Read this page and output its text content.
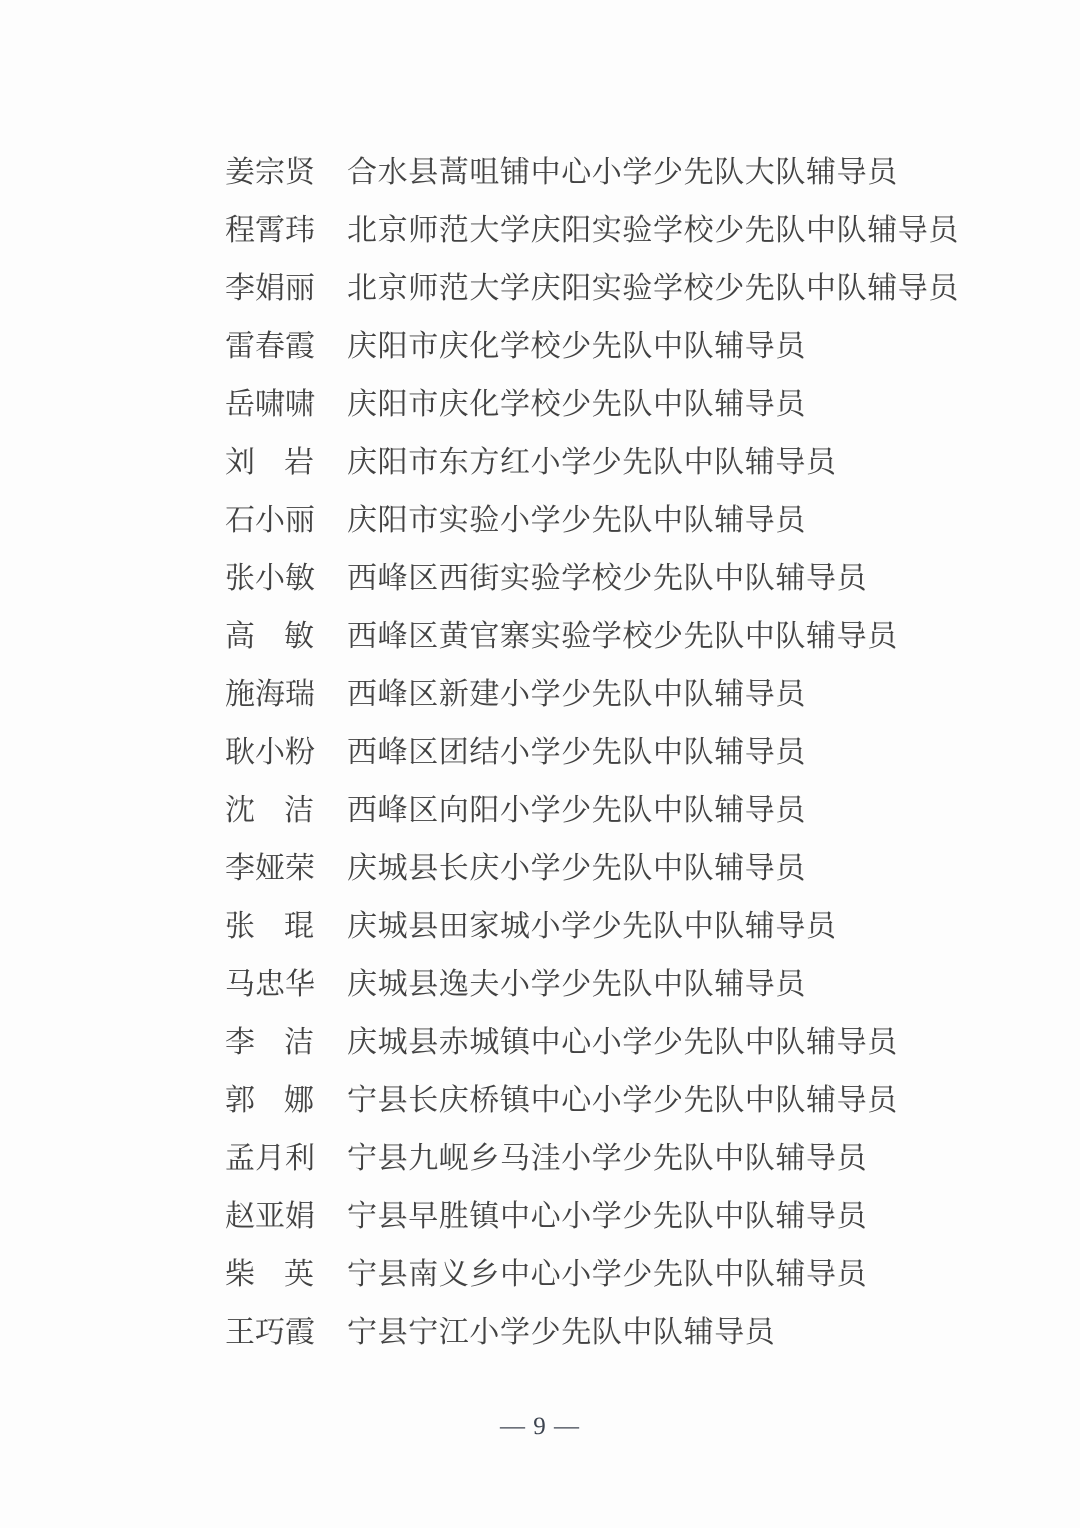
姜宗贤 合水县蒿咀铺中心小学少先队大队辅导员
程霄玮 北京师范大学庆阳实验学校少先队中队辅导员
李娟丽 北京师范大学庆阳实验学校少先队中队辅导员
雷春霞 庆阳市庆化学校少先队中队辅导员
岳啸啸 庆阳市庆化学校少先队中队辅导员
刘岩 庆阳市东方红小学少先队中队辅导员
石小丽 庆阳市实验小学少先队中队辅导员
张小敏 西峰区西街实验学校少先队中队辅导员
高敏 西峰区黄官寨实验学校少先队中队辅导员
施海瑞 西峰区新建小学少先队中队辅导员
耿小粉 西峰区团结小学少先队中队辅导员
沈洁 西峰区向阳小学少先队中队辅导员
李娅荣 庆城县长庆小学少先队中队辅导员
张琨 庆城县田家城小学少先队中队辅导员
马忠华 庆城县逸夫小学少先队中队辅导员
李洁 庆城县赤城镇中心小学少先队中队辅导员
郭娜 宁县长庆桥镇中心小学少先队中队辅导员
孟月利 宁县九岘乡马洼小学少先队中队辅导员
赵亚娟 宁县早胜镇中心小学少先队中队辅导员
柴英 宁县南义乡中心小学少先队中队辅导员
王巧霞 宁县宁江小学少先队中队辅导员
— 9 —
